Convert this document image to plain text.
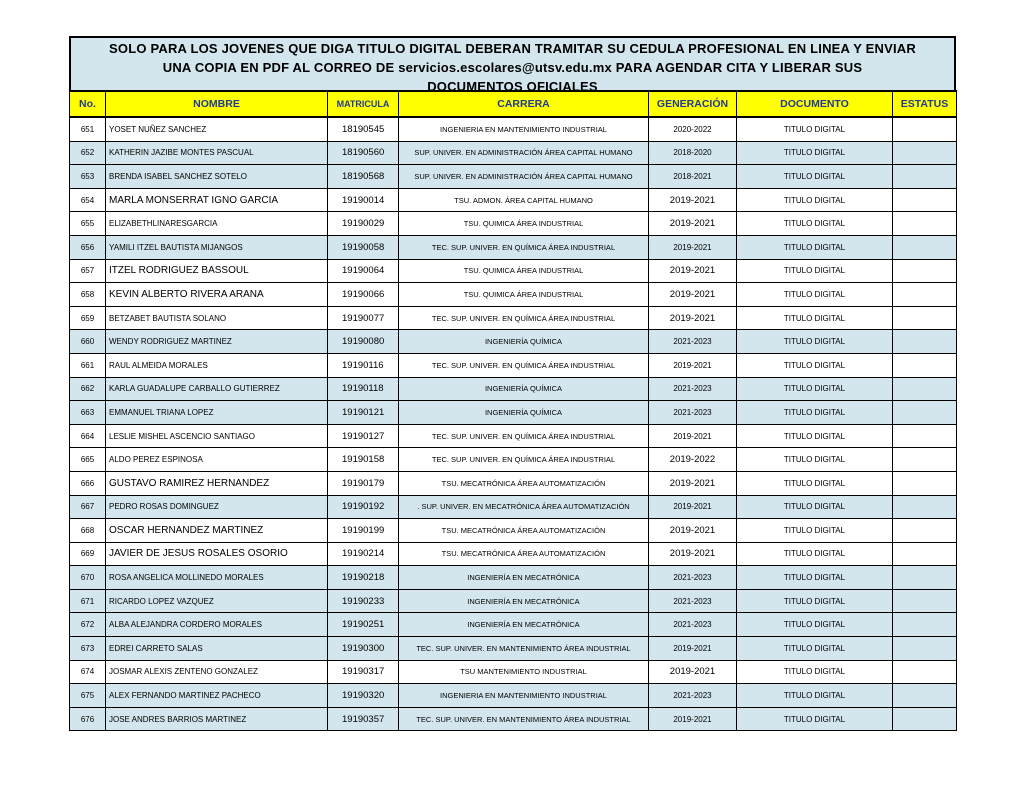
SOLO PARA LOS JOVENES QUE DIGA TITULO DIGITAL DEBERAN TRAMITAR SU CEDULA PROFESIONAL EN LINEA Y ENVIAR
UNA COPIA EN PDF AL CORREO DE servicios.escolares@utsv.edu.mx PARA AGENDAR CITA Y LIBERAR SUS
DOCUMENTOS OFICIALES
No.	NOMBRE	MATRICULA	CARRERA	GENERACIÓN	DOCUMENTO	ESTATUS
651	YOSET NUÑEZ SANCHEZ	18190545	INGENIERIA EN MANTENIMIENTO INDUSTRIAL	2020-2022	TITULO DIGITAL	
652	KATHERIN JAZIBE MONTES PASCUAL	18190560	SUP. UNIVER. EN ADMINISTRACIÓN ÁREA CAPITAL HUMANO	2018-2020	TITULO DIGITAL	
653	BRENDA ISABEL SANCHEZ SOTELO	18190568	SUP. UNIVER. EN ADMINISTRACIÓN ÁREA CAPITAL HUMANO	2018-2021	TITULO DIGITAL	
654	MARLA MONSERRAT IGNO GARCIA	19190014	TSU. ADMON. ÁREA CAPITAL HUMANO	2019-2021	TITULO DIGITAL	
655	ELIZABETHLINARESGARCIA	19190029	TSU. QUIMICA ÁREA INDUSTRIAL	2019-2021	TITULO DIGITAL	
656	YAMILI ITZEL BAUTISTA MIJANGOS	19190058	TEC. SUP. UNIVER. EN QUÍMICA ÁREA INDUSTRIAL	2019-2021	TITULO DIGITAL	
657	ITZEL RODRIGUEZ BASSOUL	19190064	TSU. QUIMICA ÁREA INDUSTRIAL	2019-2021	TITULO DIGITAL	
658	KEVIN ALBERTO RIVERA ARANA	19190066	TSU. QUIMICA ÁREA INDUSTRIAL	2019-2021	TITULO DIGITAL	
659	BETZABET BAUTISTA SOLANO	19190077	TEC. SUP. UNIVER. EN QUÍMICA ÁREA INDUSTRIAL	2019-2021	TITULO DIGITAL	
660	WENDY RODRIGUEZ MARTINEZ	19190080	INGENIERÍA QUÍMICA	2021-2023	TITULO DIGITAL	
661	RAUL ALMEIDA MORALES	19190116	TEC. SUP. UNIVER. EN QUÍMICA ÁREA INDUSTRIAL	2019-2021	TITULO DIGITAL	
662	KARLA GUADALUPE CARBALLO GUTIERREZ	19190118	INGENIERÍA QUÍMICA	2021-2023	TITULO DIGITAL	
663	EMMANUEL TRIANA LOPEZ	19190121	INGENIERÍA QUÍMICA	2021-2023	TITULO DIGITAL	
664	LESLIE MISHEL ASCENCIO SANTIAGO	19190127	TEC. SUP. UNIVER. EN QUÍMICA ÁREA INDUSTRIAL	2019-2021	TITULO DIGITAL	
665	ALDO PEREZ ESPINOSA	19190158	TEC. SUP. UNIVER. EN QUÍMICA ÁREA INDUSTRIAL	2019-2022	TITULO DIGITAL	
666	GUSTAVO RAMIREZ HERNANDEZ	19190179	TSU. MECATRÓNICA ÁREA AUTOMATIZACIÓN	2019-2021	TITULO DIGITAL	
667	PEDRO ROSAS DOMINGUEZ	19190192	. SUP. UNIVER. EN MECATRÓNICA ÁREA AUTOMATIZACIÓN	2019-2021	TITULO DIGITAL	
668	OSCAR HERNANDEZ MARTINEZ	19190199	TSU. MECATRÓNICA ÁREA AUTOMATIZACIÓN	2019-2021	TITULO DIGITAL	
669	JAVIER DE JESUS ROSALES OSORIO	19190214	TSU. MECATRÓNICA ÁREA AUTOMATIZACIÓN	2019-2021	TITULO DIGITAL	
670	ROSA ANGELICA MOLLINEDO MORALES	19190218	INGENIERÍA EN MECATRÓNICA	2021-2023	TITULO DIGITAL	
671	RICARDO LOPEZ VAZQUEZ	19190233	INGENIERÍA EN MECATRÓNICA	2021-2023	TITULO DIGITAL	
672	ALBA ALEJANDRA CORDERO MORALES	19190251	INGENIERÍA EN MECATRÓNICA	2021-2023	TITULO DIGITAL	
673	EDREI CARRETO SALAS	19190300	TEC. SUP. UNIVER. EN MANTENIMIENTO ÁREA INDUSTRIAL	2019-2021	TITULO DIGITAL	
674	JOSMAR ALEXIS ZENTENO GONZALEZ	19190317	TSU MANTENIMIENTO INDUSTRIAL	2019-2021	TITULO DIGITAL	
675	ALEX FERNANDO MARTINEZ PACHECO	19190320	INGENIERIA EN MANTENIMIENTO INDUSTRIAL	2021-2023	TITULO DIGITAL	
676	JOSE ANDRES BARRIOS MARTINEZ	19190357	TEC. SUP. UNIVER. EN MANTENIMIENTO ÁREA INDUSTRIAL	2019-2021	TITULO DIGITAL	
